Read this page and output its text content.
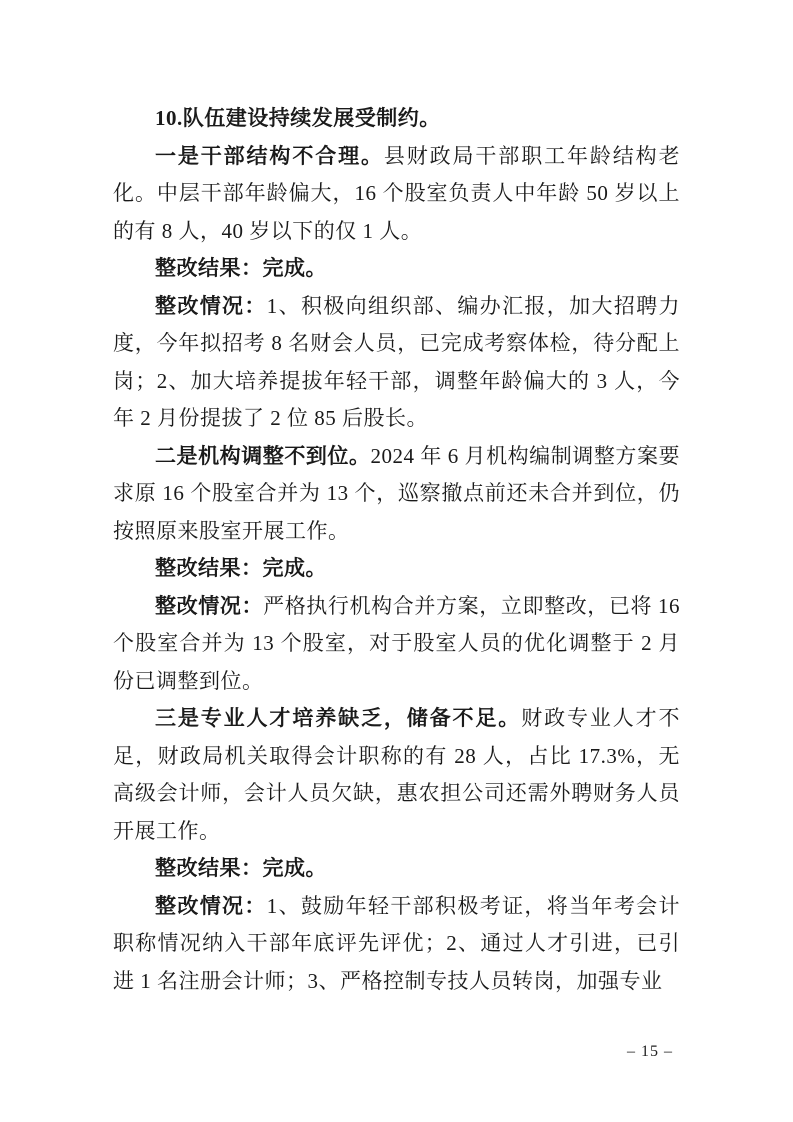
10.队伍建设持续发展受制约。

一是干部结构不合理。县财政局干部职工年龄结构老化。中层干部年龄偏大，16 个股室负责人中年龄 50 岁以上的有 8 人，40 岁以下的仅 1 人。

整改结果：完成。

整改情况：1、积极向组织部、编办汇报，加大招聘力度，今年拟招考 8 名财会人员，已完成考察体检，待分配上岗；2、加大培养提拔年轻干部，调整年龄偏大的 3 人，今年 2 月份提拔了 2 位 85 后股长。

二是机构调整不到位。2024 年 6 月机构编制调整方案要求原 16 个股室合并为 13 个，巡察撤点前还未合并到位，仍按照原来股室开展工作。

整改结果：完成。

整改情况：严格执行机构合并方案，立即整改，已将 16 个股室合并为 13 个股室，对于股室人员的优化调整于 2 月份已调整到位。

三是专业人才培养缺乏，储备不足。财政专业人才不足，财政局机关取得会计职称的有 28 人，占比 17.3%，无高级会计师，会计人员欠缺，惠农担公司还需外聘财务人员开展工作。

整改结果：完成。

整改情况：1、鼓励年轻干部积极考证，将当年考会计职称情况纳入干部年底评先评优；2、通过人才引进，已引进 1 名注册会计师；3、严格控制专技人员转岗，加强专业

– 15 –
